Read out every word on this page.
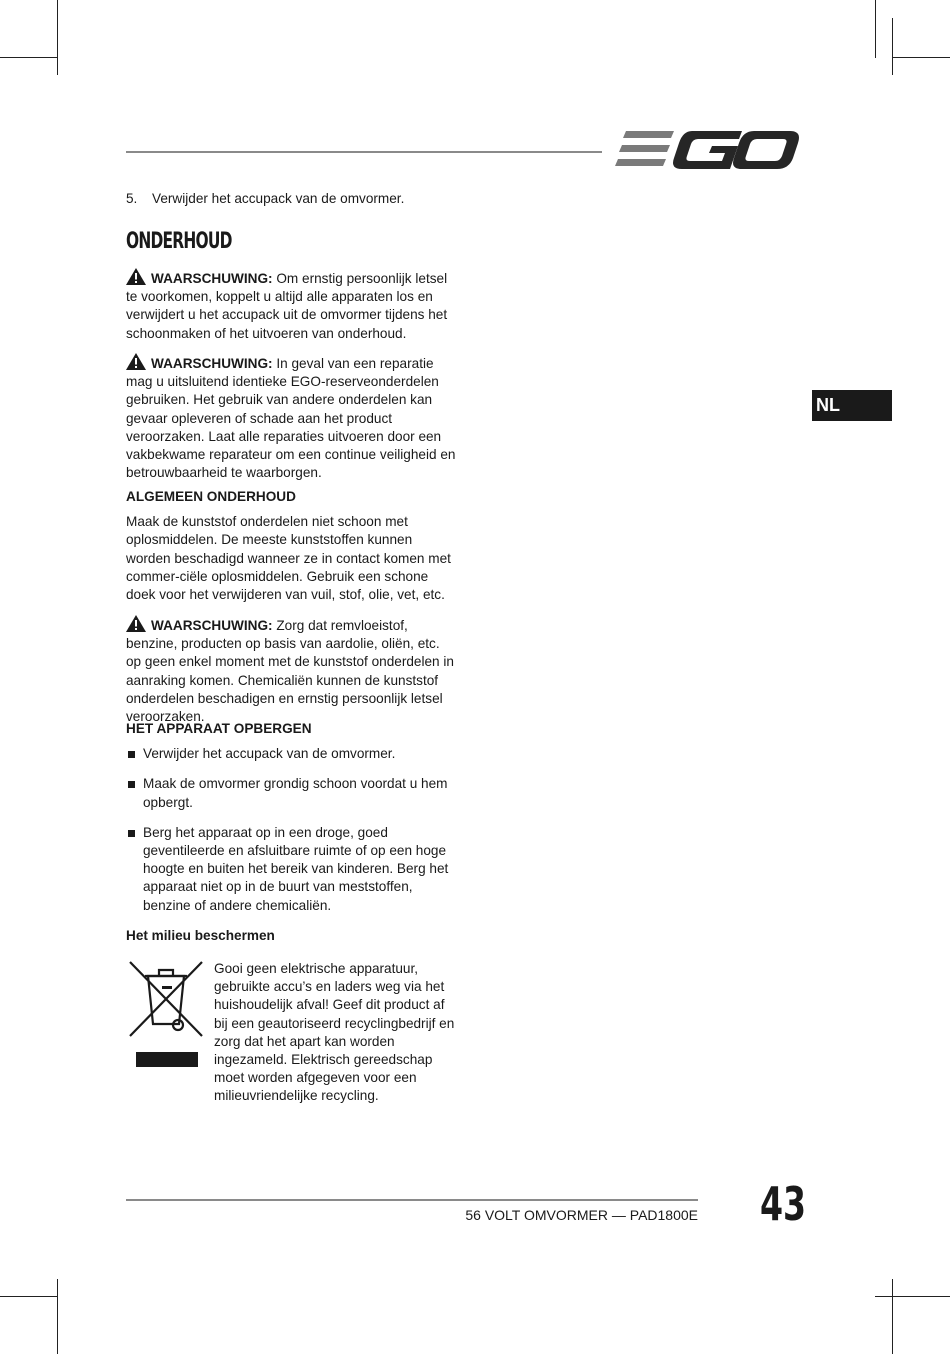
5. Verwijder het accupack van de omvormer.
ONDERHOUD

WAARSCHUWING: Om ernstig persoonlijk letsel te voorkomen, koppelt u altijd alle apparaten los en verwijdert u het accupack uit de omvormer tijdens het schoonmaken of het uitvoeren van onderhoud.

WAARSCHUWING: In geval van een reparatie mag u uitsluitend identieke EGO-reserveonderdelen gebruiken. Het gebruik van andere onderdelen kan gevaar opleveren of schade aan het product veroorzaken. Laat alle reparaties uitvoeren door een vakbekwame reparateur om een continue veiligheid en betrouwbaarheid te waarborgen.

ALGEMEEN ONDERHOUD

Maak de kunststof onderdelen niet schoon met oplosmiddelen. De meeste kunststoffen kunnen worden beschadigd wanneer ze in contact komen met commer-ciële oplosmiddelen. Gebruik een schone doek voor het verwijderen van vuil, stof, olie, vet, etc.

WAARSCHUWING: Zorg dat remvloeistof, benzine, producten op basis van aardolie, oliën, etc. op geen enkel moment met de kunststof onderdelen in aanraking komen. Chemicaliën kunnen de kunststof onderdelen beschadigen en ernstig persoonlijk letsel veroorzaken.

HET APPARAAT OPBERGEN

Verwijder het accupack van de omvormer.
Maak de omvormer grondig schoon voordat u hem opbergt.
Berg het apparaat op in een droge, goed geventileerde en afsluitbare ruimte of op een hoge hoogte en buiten het bereik van kinderen. Berg het apparaat niet op in de buurt van meststoffen, benzine of andere chemicaliën.
Het milieu beschermen
Gooi geen elektrische apparatuur, gebruikte accu’s en laders weg via het huishoudelijk afval! Geef dit product af bij een geautoriseerd recyclingbedrijf en zorg dat het apart kan worden ingezameld. Elektrisch gereedschap moet worden afgegeven voor een milieuvriendelijke recycling.
NL
56 VOLT OMVORMER — PAD1800E 43
